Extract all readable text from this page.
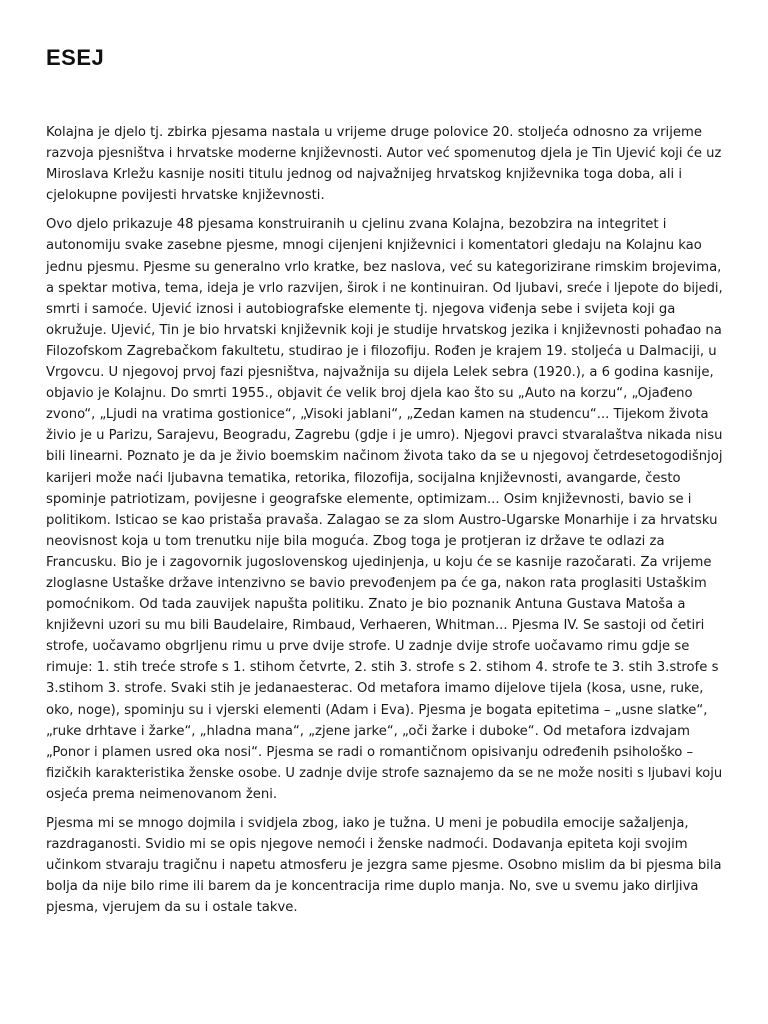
ESEJ

Kolajna je djelo tj. zbirka pjesama nastala u vrijeme druge polovice 20. stoljeća odnosno za vrijeme
razvoja pjesništva i hrvatske moderne književnosti. Autor već spomenutog djela je Tin Ujević koji će uz
Miroslava Krležu kasnije nositi titulu jednog od najvažnijeg hrvatskog književnika toga doba, ali i
cjelokupne povijesti hrvatske književnosti.

Ovo djelo prikazuje 48 pjesama konstruiranih u cjelinu zvana Kolajna, bezobzira na integritet i
autonomiju svake zasebne pjesme, mnogi cijenjeni književnici i komentatori gledaju na Kolajnu kao
jednu pjesmu. Pjesme su generalno vrlo kratke, bez naslova, već su kategorizirane rimskim brojevima,
a spektar motiva, tema, ideja je vrlo razvijen, širok i ne kontinuiran. Od ljubavi, sreće i ljepote do bijedi,
smrti i samoće. Ujević iznosi i autobiografske elemente tj. njegova viđenja sebe i svijeta koji ga
okružuje. Ujević, Tin je bio hrvatski književnik koji je studije hrvatskog jezika i književnosti pohađao na
Filozofskom Zagrebačkom fakultetu, studirao je i filozofiju. Rođen je krajem 19. stoljeća u Dalmaciji, u
Vrgovcu. U njegovoj prvoj fazi pjesništva, najvažnija su dijela Lelek sebra (1920.), a 6 godina kasnije,
objavio je Kolajnu. Do smrti 1955., objavit će velik broj djela kao što su „Auto na korzu“, „Ojađeno
zvono“, „Ljudi na vratima gostionice“, „Visoki jablani“, „Zedan kamen na studencu“... Tijekom života
živio je u Parizu, Sarajevu, Beogradu, Zagrebu (gdje i je umro). Njegovi pravci stvaralaštva nikada nisu
bili linearni. Poznato je da je živio boemskim načinom života tako da se u njegovoj četrdesetogodišnjoj
karijeri može naći ljubavna tematika, retorika, filozofija, socijalna književnosti, avangarde, često
spominje patriotizam, povijesne i geografske elemente, optimizam... Osim književnosti, bavio se i
politikom. Isticao se kao pristaša pravaša. Zalagao se za slom Austro-Ugarske Monarhije i za hrvatsku
neovisnost koja u tom trenutku nije bila moguća. Zbog toga je protjeran iz države te odlazi za
Francusku. Bio je i zagovornik jugoslovenskog ujedinjenja, u koju će se kasnije razočarati. Za vrijeme
zloglasne Ustaške države intenzivno se bavio prevođenjem pa će ga, nakon rata proglasiti Ustaškim
pomoćnikom. Od tada zauvijek napušta politiku. Znato je bio poznanik Antuna Gustava Matoša a
književni uzori su mu bili Baudelaire, Rimbaud, Verhaeren, Whitman... Pjesma IV. Se sastoji od četiri
strofe, uočavamo obgrljenu rimu u prve dvije strofe. U zadnje dvije strofe uočavamo rimu gdje se
rimuje: 1. stih treće strofe s 1. stihom četvrte, 2. stih 3. strofe s 2. stihom 4. strofe te 3. stih 3.strofe s
3.stihom 3. strofe. Svaki stih je jedanaesterac. Od metafora imamo dijelove tijela (kosa, usne, ruke,
oko, noge), spominju su i vjerski elementi (Adam i Eva). Pjesma je bogata epitetima – „usne slatke“,
„ruke drhtave i žarke“, „hladna mana“, „zjene jarke“, „oči žarke i duboke“. Od metafora izdvajam
„Ponor i plamen usred oka nosi“. Pjesma se radi o romantičnom opisivanju određenih psihološko –
fizičkih karakteristika ženske osobe. U zadnje dvije strofe saznajemo da se ne može nositi s ljubavi koju
osjeća prema neimenovanom ženi.

Pjesma mi se mnogo dojmila i svidjela zbog, iako je tužna. U meni je pobudila emocije sažaljenja,
razdraganosti. Svidio mi se opis njegove nemoći i ženske nadmoći. Dodavanja epiteta koji svojim
učinkom stvaraju tragičnu i napetu atmosferu je jezgra same pjesme. Osobno mislim da bi pjesma bila
bolja da nije bilo rime ili barem da je koncentracija rime duplo manja. No, sve u svemu jako dirljiva
pjesma, vjerujem da su i ostale takve.
